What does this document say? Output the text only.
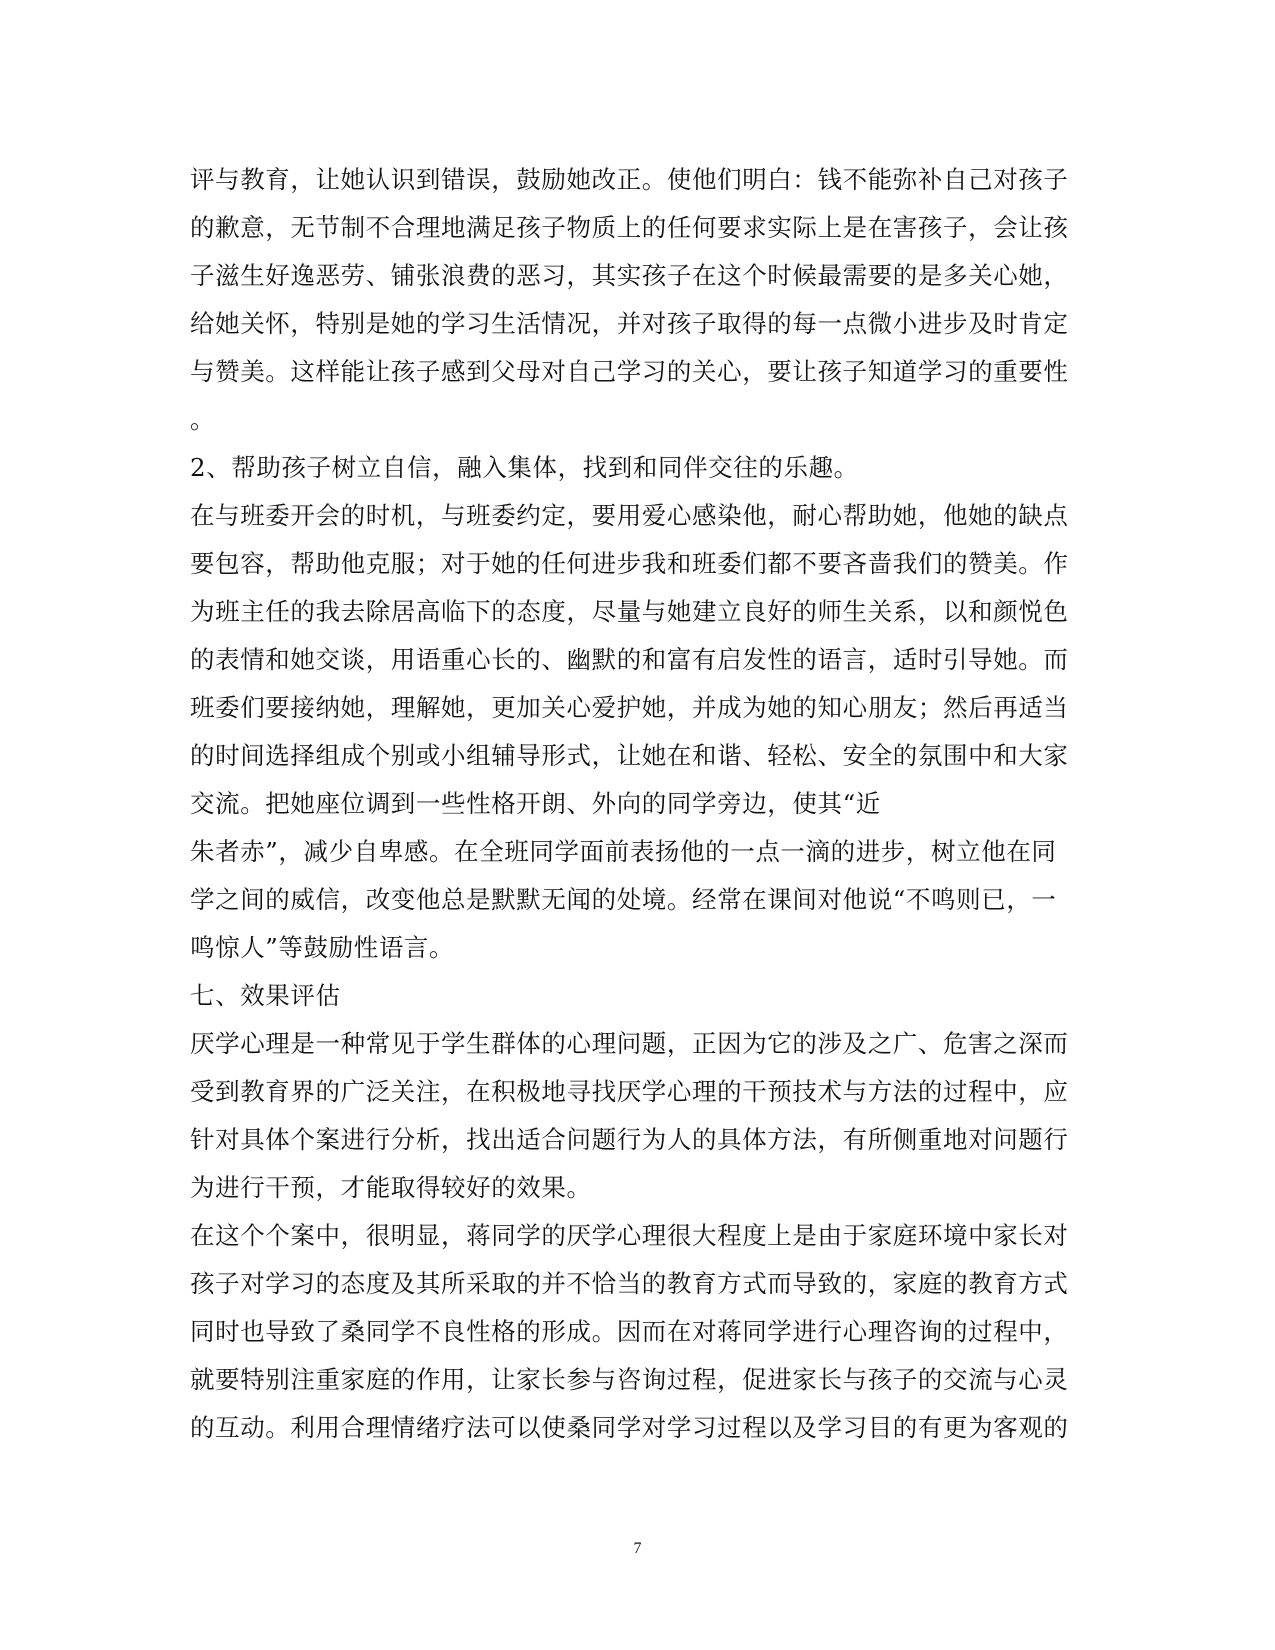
评与教育，让她认识到错误，鼓励她改正。使他们明白：钱不能弥补自己对孩子
的歉意，无节制不合理地满足孩子物质上的任何要求实际上是在害孩子，会让孩
子滋生好逸恶劳、铺张浪费的恶习，其实孩子在这个时候最需要的是多关心她，
给她关怀，特别是她的学习生活情况，并对孩子取得的每一点微小进步及时肯定
与赞美。这样能让孩子感到父母对自己学习的关心，要让孩子知道学习的重要性
。
2、帮助孩子树立自信，融入集体，找到和同伴交往的乐趣。
在与班委开会的时机，与班委约定，要用爱心感染他，耐心帮助她，他她的缺点
要包容，帮助他克服；对于她的任何进步我和班委们都不要吝啬我们的赞美。作
为班主任的我去除居高临下的态度，尽量与她建立良好的师生关系，以和颜悦色
的表情和她交谈，用语重心长的、幽默的和富有启发性的语言，适时引导她。而
班委们要接纳她，理解她，更加关心爱护她，并成为她的知心朋友；然后再适当
的时间选择组成个别或小组辅导形式，让她在和谐、轻松、安全的氛围中和大家
交流。把她座位调到一些性格开朗、外向的同学旁边，使其“近
朱者赤”，减少自卑感。在全班同学面前表扬他的一点一滴的进步，树立他在同
学之间的威信，改变他总是默默无闻的处境。经常在课间对他说“不鸣则已，一
鸣惊人”等鼓励性语言。
七、效果评估
厌学心理是一种常见于学生群体的心理问题，正因为它的涉及之广、危害之深而
受到教育界的广泛关注，在积极地寻找厌学心理的干预技术与方法的过程中，应
针对具体个案进行分析，找出适合问题行为人的具体方法，有所侧重地对问题行
为进行干预，才能取得较好的效果。
在这个个案中，很明显，蒋同学的厌学心理很大程度上是由于家庭环境中家长对
孩子对学习的态度及其所采取的并不恰当的教育方式而导致的，家庭的教育方式
同时也导致了桑同学不良性格的形成。因而在对蒋同学进行心理咨询的过程中，
就要特别注重家庭的作用，让家长参与咨询过程，促进家长与孩子的交流与心灵
的互动。利用合理情绪疗法可以使桑同学对学习过程以及学习目的有更为客观的
7
